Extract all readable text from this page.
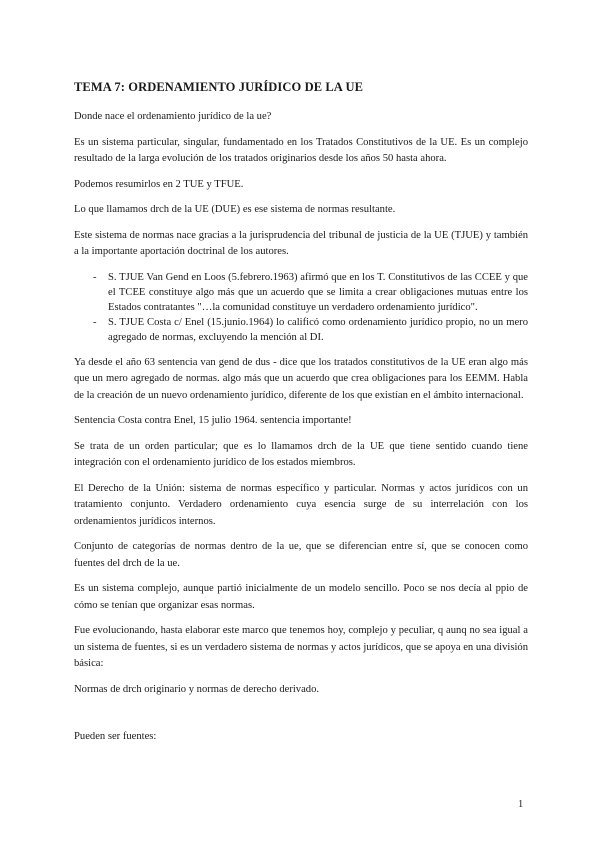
TEMA 7: ORDENAMIENTO JURÍDICO DE LA UE

Donde nace el ordenamiento jurídico de la ue?

Es un sistema particular, singular, fundamentado en los Tratados Constitutivos de la UE. Es un complejo resultado de la larga evolución de los tratados originarios desde los años 50 hasta ahora.

Podemos resumirlos en 2 TUE y TFUE.

Lo que llamamos drch de la UE (DUE) es ese sistema de normas resultante.

Este sistema de normas nace gracias a la jurisprudencia del tribunal de justicia de la UE (TJUE) y también a la importante aportación doctrinal de los autores.

- S. TJUE Van Gend en Loos (5.febrero.1963) afirmó que en los T. Constitutivos de las CCEE y que el TCEE constituye algo más que un acuerdo que se limita a crear obligaciones mutuas entre los Estados contratantes "…la comunidad constituye un verdadero ordenamiento jurídico".
- S. TJUE Costa c/ Enel (15.junio.1964) lo calificó como ordenamiento jurídico propio, no un mero agregado de normas, excluyendo la mención al DI.

Ya desde el año 63 sentencia van gend de dus - dice que los tratados constitutivos de la UE eran algo más que un mero agregado de normas. algo más que un acuerdo que crea obligaciones para los EEMM. Habla de la creación de un nuevo ordenamiento jurídico, diferente de los que existían en el ámbito internacional.

Sentencia Costa contra Enel, 15 julio 1964. sentencia importante!

Se trata de un orden particular; que es lo llamamos drch de la UE que tiene sentido cuando tiene integración con el ordenamiento jurídico de los estados miembros.

El Derecho de la Unión: sistema de normas específico y particular. Normas y actos jurídicos con un tratamiento conjunto. Verdadero ordenamiento cuya esencia surge de su interrelación con los ordenamientos jurídicos internos.

Conjunto de categorías de normas dentro de la ue, que se diferencian entre sí, que se conocen como fuentes del drch de la ue.

Es un sistema complejo, aunque partió inicialmente de un modelo sencillo. Poco se nos decía al ppio de cómo se tenían que organizar esas normas.

Fue evolucionando, hasta elaborar este marco que tenemos hoy, complejo y peculiar, q aunq no sea igual a un sistema de fuentes, si es un verdadero sistema de normas y actos jurídicos, que se apoya en una división básica:

Normas de drch originario y normas de derecho derivado.

Pueden ser fuentes:

1
